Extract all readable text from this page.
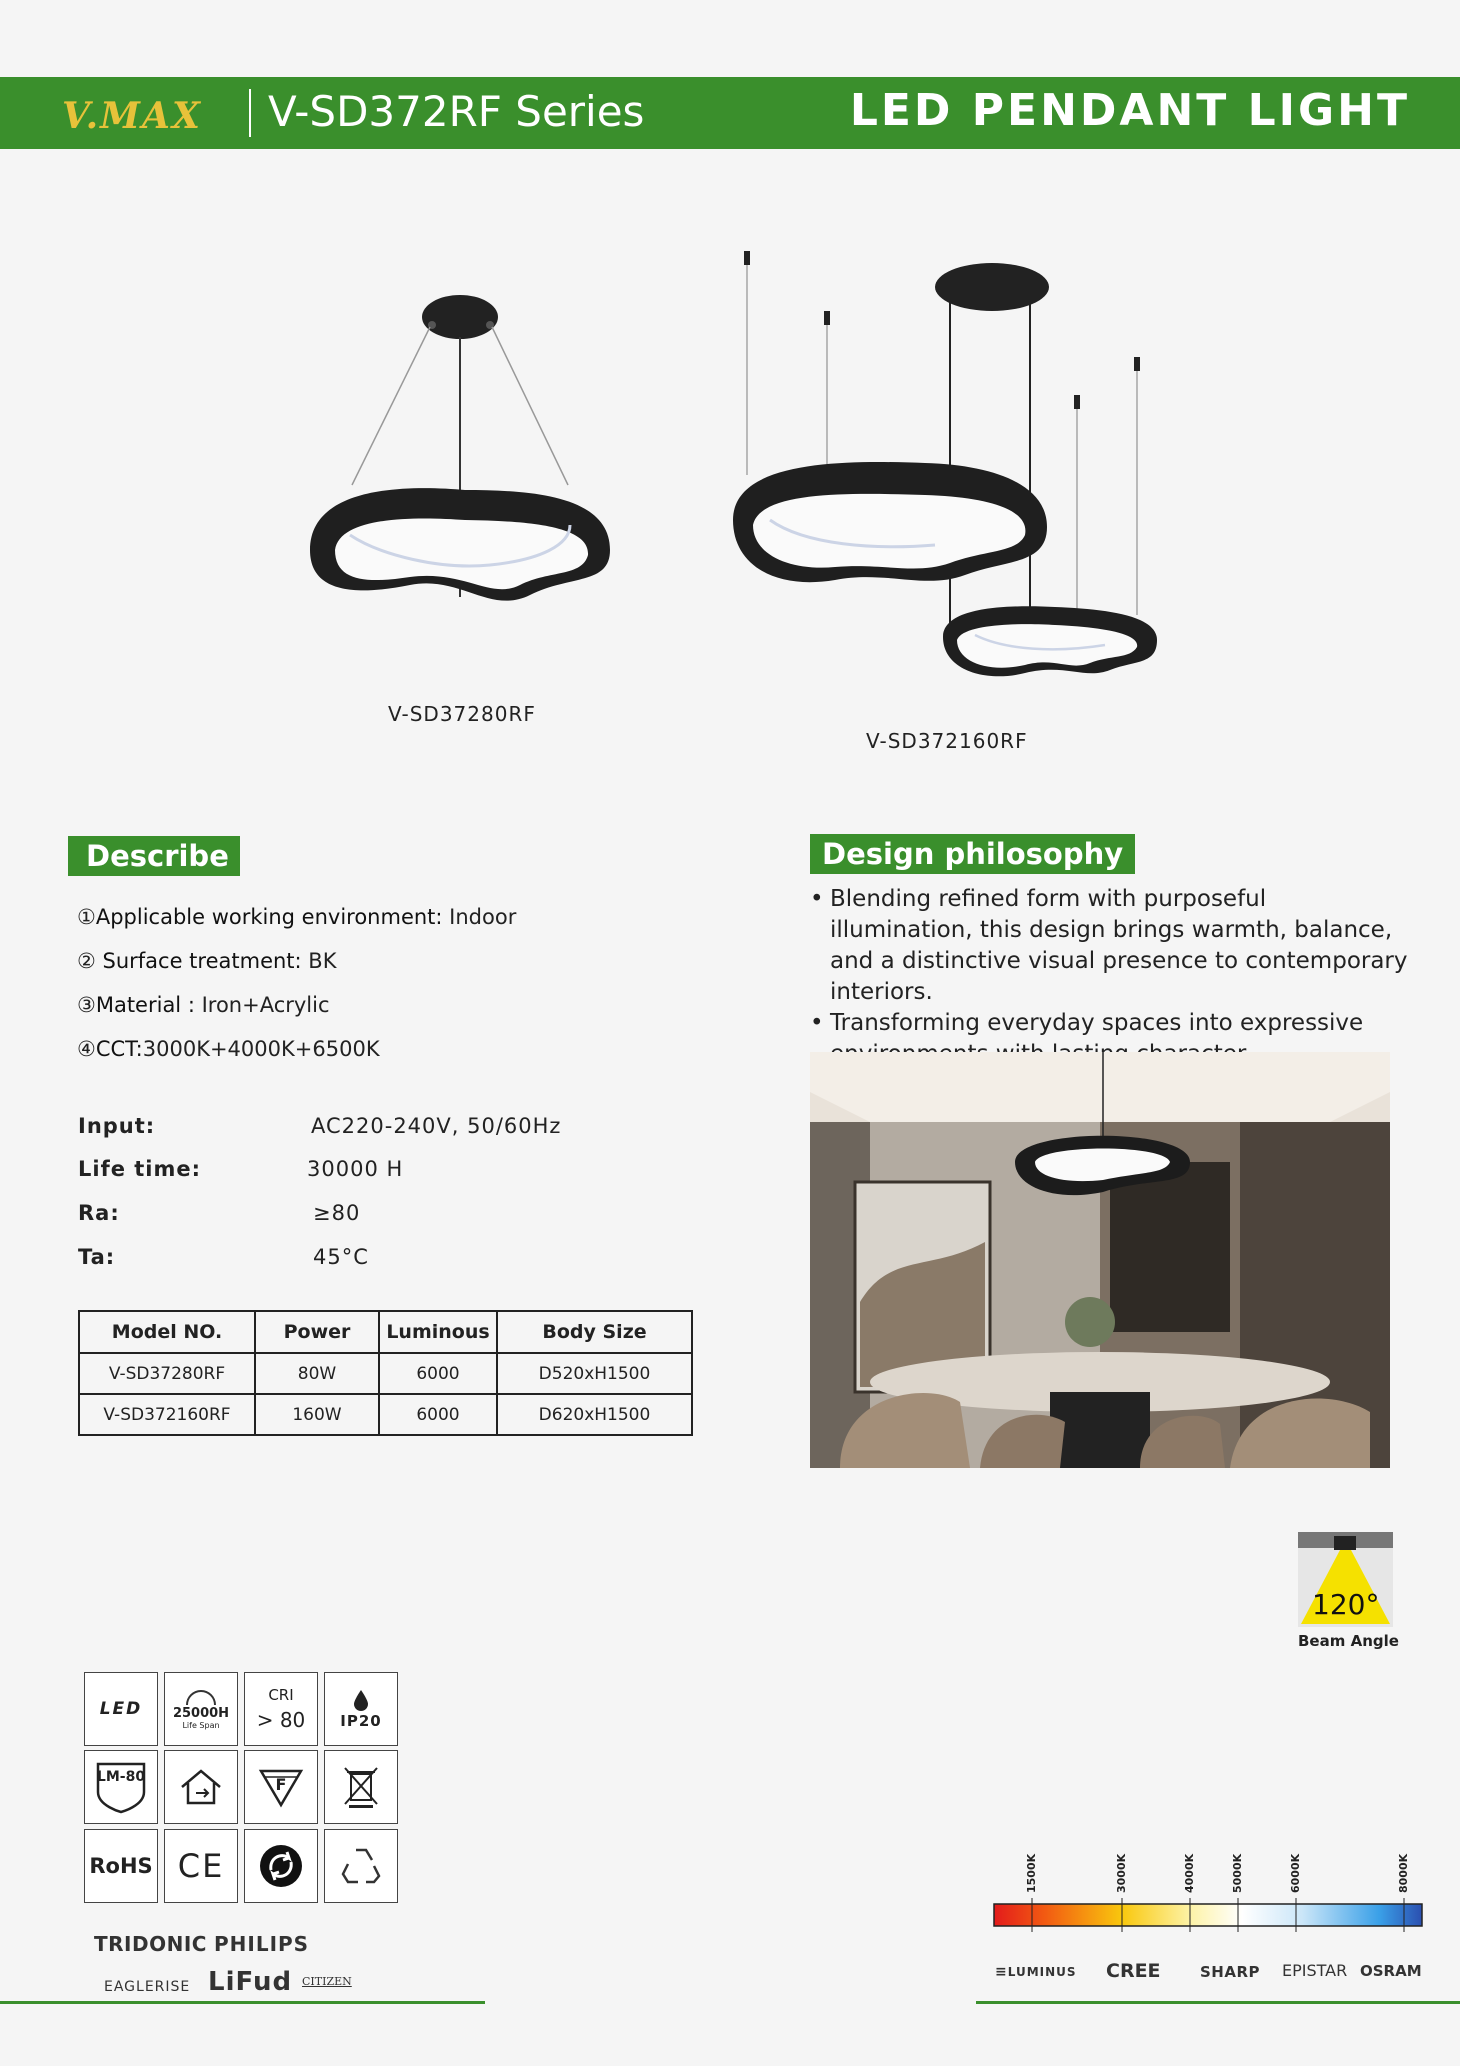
V.MAX V-SD372RF Series	LED PENDANT LIGHT
V-SD37280RF
V-SD372160RF
Describe
①Applicable working environment: Indoor
② Surface treatment: BK
③Material : Iron+Acrylic
④CCT:3000K+4000K+6500K
Input:	AC220-240V, 50/60Hz
Life time:	30000 H
Ra:	≥80
Ta:	45°C
Model NO.	Power	Luminous	Body Size
V-SD37280RF	80W	6000	D520xH1500
V-SD372160RF	160W	6000	D620xH1500
Design philosophy
• Blending refined form with purposeful illumination, this design brings warmth, balance, and a distinctive visual presence to contemporary interiors.
• Transforming everyday spaces into expressive
120°
Beam Angle
LED 25000H
Life Span
CRI
> 80 IP20
LM-80	F
RoHS CE
TRIDONIC PHILIPS
EAGLERISE LiFud CITIZEN
1500K	3000K	4000K	5000K	6000K	8000K
≡LUMINUS CREE	SHARP EPISTAR OSRAM
